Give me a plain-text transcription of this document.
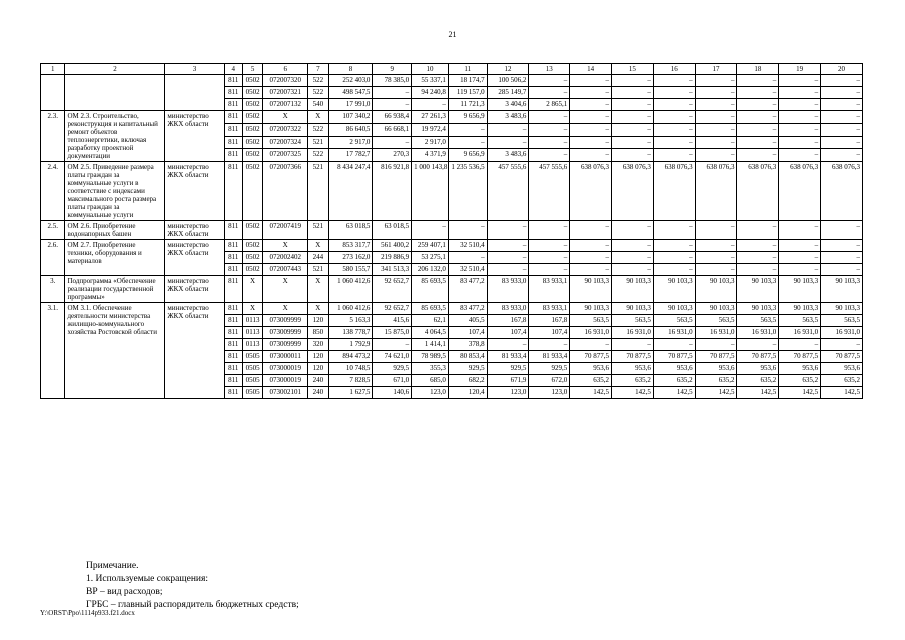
21
1	2	3	4	5	6	7	8	9	10	11	12	13	14	15	16	17	18	19	20
			811	0502	072007320	522	252 403,0	78 385,0	55 337,1	18 174,7	100 506,2	–	–	–	–	–	–	–	–
			811	0502	072007321	522	498 547,5	–	94 240,8	119 157,0	285 149,7	–	–	–	–	–	–	–	–
			811	0502	072007132	540	17 991,0	–	–	11 721,3	3 404,6	2 865,1	–	–	–	–	–	–	–
2.3.	ОМ 2.3. Строительство, реконструкция и капитальный ремонт объектов теплоэнергетики, включая разработку проектной документации	министерство ЖКХ области	811	0502	Х	Х	107 340,2	66 938,4	27 261,3	9 656,9	3 483,6	–	–	–	–	–	–	–	–
			811	0502	072007322	522	86 640,5	66 668,1	19 972,4	–	–	–	–	–	–	–	–	–	–
			811	0502	072007324	521	2 917,0	–	2 917,0	–	–	–	–	–	–	–	–	–	–
			811	0502	072007325	522	17 782,7	270,3	4 371,9	9 656,9	3 483,6	–	–	–	–	–	–	–	–
2.4.	ОМ 2.5. Приведение размера платы граждан за коммунальные услуги в соответствие с индексами максимального роста размера платы граждан за коммунальные услуги	министерство ЖКХ области	811	0502	072007366	521	8 434 247,4	816 921,8	1 000 143,8	1 235 536,5	457 555,6	457 555,6	638 076,3	638 076,3	638 076,3	638 076,3	638 076,3	638 076,3	638 076,3
2.5.	ОМ 2.6. Приобретение водонапорных башен	министерство ЖКХ области	811	0502	072007419	521	63 018,5	63 018,5	–	–	–	–	–	–	–	–	–	–	–
2.6.	ОМ 2.7. Приобретение техники, оборудования и материалов	министерство ЖКХ области	811	0502	Х	Х	853 317,7	561 400,2	259 407,1	32 510,4	–	–	–	–	–	–	–	–	–
			811	0502	072002402	244	273 162,0	219 886,9	53 275,1	–	–	–	–	–	–	–	–	–	–
			811	0502	072007443	521	580 155,7	341 513,3	206 132,0	32 510,4	–	–	–	–	–	–	–	–	–
3.	Подпрограмма «Обеспечение реализации государственной программы»	министерство ЖКХ области	811	Х	Х	Х	1 060 412,6	92 652,7	85 693,5	83 477,2	83 933,0	83 933,1	90 103,3	90 103,3	90 103,3	90 103,3	90 103,3	90 103,3	90 103,3
3.1.	ОМ 3.1. Обеспечение деятельности министерства жилищно-коммунального хозяйства Ростовской области	министерство ЖКХ области	811	Х	Х	Х	1 060 412,6	92 652,7	85 693,5	83 477,2	83 933,0	83 933,1	90 103,3	90 103,3	90 103,3	90 103,3	90 103,3	90 103,3	90 103,3
			811	0113	073009999	120	5 163,3	415,6	62,1	405,5	167,8	167,8	563,5	563,5	563,5	563,5	563,5	563,5	563,5
			811	0113	073009999	850	138 778,7	15 875,0	4 064,5	107,4	107,4	107,4	16 931,0	16 931,0	16 931,0	16 931,0	16 931,0	16 931,0	16 931,0
			811	0113	073009999	320	1 792,9	–	1 414,1	378,8	–	–	–	–	–	–	–	–	–
			811	0505	073000011	120	894 473,2	74 621,0	78 989,5	80 853,4	81 933,4	81 933,4	70 877,5	70 877,5	70 877,5	70 877,5	70 877,5	70 877,5	70 877,5
			811	0505	073000019	120	10 748,5	929,5	355,3	929,5	929,5	929,5	953,6	953,6	953,6	953,6	953,6	953,6	953,6
			811	0505	073000019	240	7 828,5	671,0	685,0	682,2	671,9	672,0	635,2	635,2	635,2	635,2	635,2	635,2	635,2
			811	0505	073002101	240	1 627,5	140,6	123,0	120,4	123,0	123,0	142,5	142,5	142,5	142,5	142,5	142,5	142,5
Примечание.
1. Используемые сокращения:
ВР – вид расходов;
ГРБС – главный распорядитель бюджетных средств;
Y:\ORST\Ppo\1114p933.f21.docx
